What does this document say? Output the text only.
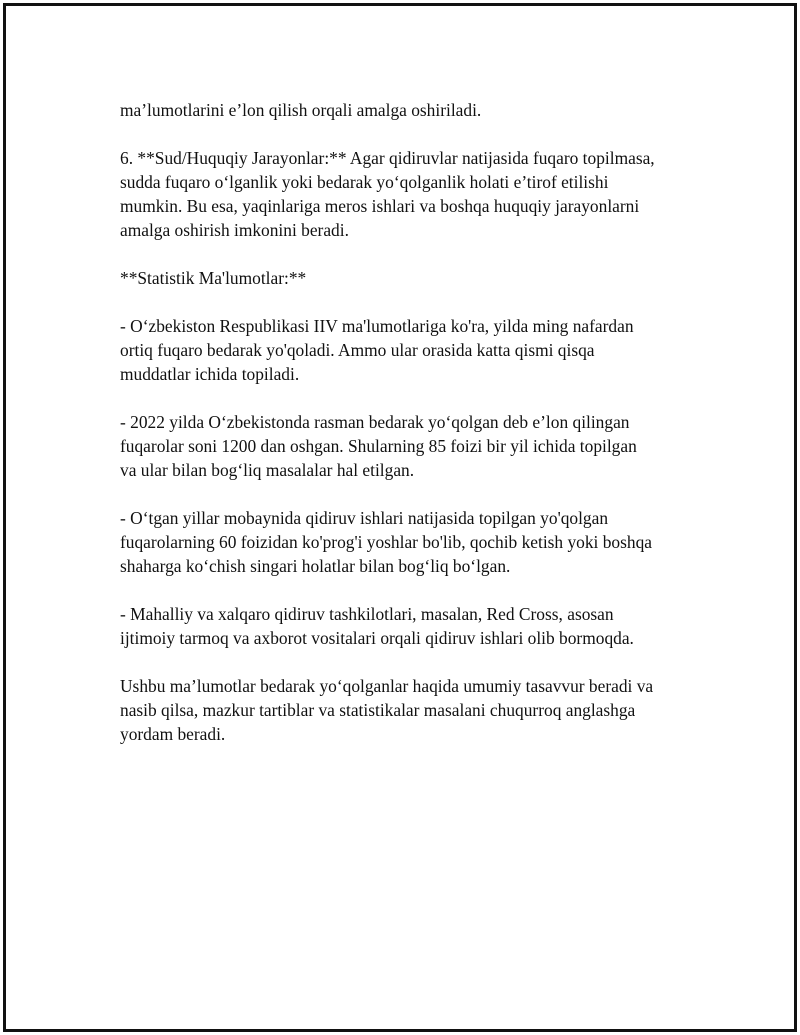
ma’lumotlarini e’lon qilish orqali amalga oshiriladi.

6. **Sud/Huquqiy Jarayonlar:** Agar qidiruvlar natijasida fuqaro topilmasa,
sudda fuqaro o‘lganlik yoki bedarak yo‘qolganlik holati e’tirof etilishi
mumkin. Bu esa, yaqinlariga meros ishlari va boshqa huquqiy jarayonlarni
amalga oshirish imkonini beradi.

**Statistik Ma'lumotlar:**

- O‘zbekiston Respublikasi IIV ma'lumotlariga ko'ra, yilda ming nafardan
ortiq fuqaro bedarak yo'qoladi. Ammo ular orasida katta qismi qisqa
muddatlar ichida topiladi.

- 2022 yilda O‘zbekistonda rasman bedarak yo‘qolgan deb e’lon qilingan
fuqarolar soni 1200 dan oshgan. Shularning 85 foizi bir yil ichida topilgan
va ular bilan bog‘liq masalalar hal etilgan.

- O‘tgan yillar mobaynida qidiruv ishlari natijasida topilgan yo'qolgan
fuqarolarning 60 foizidan ko'prog'i yoshlar bo'lib, qochib ketish yoki boshqa
shaharga ko‘chish singari holatlar bilan bog‘liq bo‘lgan.

- Mahalliy va xalqaro qidiruv tashkilotlari, masalan, Red Cross, asosan
ijtimoiy tarmoq va axborot vositalari orqali qidiruv ishlari olib bormoqda.

Ushbu ma’lumotlar bedarak yo‘qolganlar haqida umumiy tasavvur beradi va
nasib qilsa, mazkur tartiblar va statistikalar masalani chuqurroq anglashga
yordam beradi.
